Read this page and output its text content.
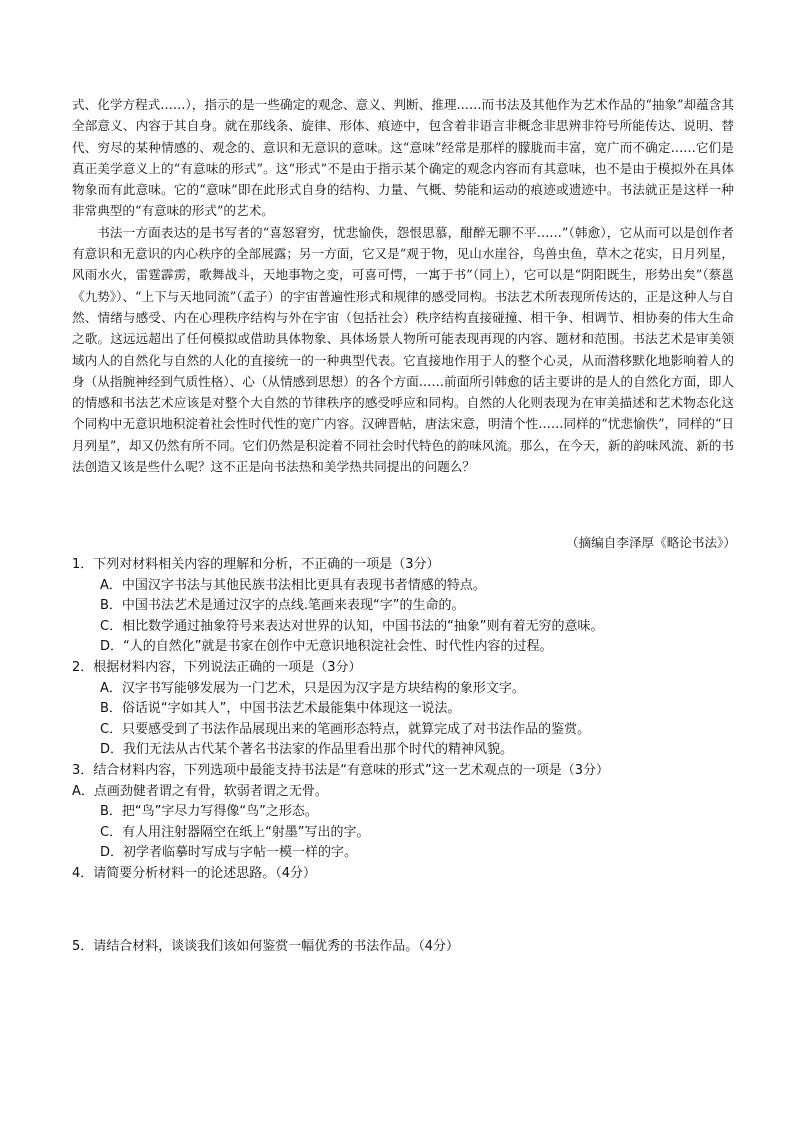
式、化学方程式……），指示的是一些确定的观念、意义、判断、推理……而书法及其他作为艺术作品的“抽象”却蕴含其全部意义、内容于其自身。就在那线条、旋律、形体、痕迹中，包含着非语言非概念非思辨非符号所能传达、说明、替代、穷尽的某种情感的、观念的、意识和无意识的意味。这“意味”经常是那样的朦胧而丰富，宽广而不确定……它们是真正美学意义上的“有意味的形式”。这“形式”不是由于指示某个确定的观念内容而有其意味，也不是由于模拟外在具体物象而有此意味。它的“意味”即在此形式自身的结构、力量、气概、势能和运动的痕迹或遗迹中。书法就正是这样一种非常典型的“有意味的形式”的艺术。

书法一方面表达的是书写者的“喜怒窘穷，忧悲愉佚，怨恨思慕，酣醉无聊不平……”（韩愈），它从而可以是创作者有意识和无意识的内心秩序的全部展露；另一方面，它又是“观于物，见山水崖谷，鸟兽虫鱼，草木之花实，日月列星，风雨水火，雷霆霹雳，歌舞战斗，天地事物之变，可喜可愕，一寓于书”（同上），它可以是“阴阳既生，形势出矣”（蔡邕《九势》）、“上下与天地同流”（孟子）的宇宙普遍性形式和规律的感受同构。书法艺术所表现所传达的，正是这种人与自然、情绪与感受、内在心理秩序结构与外在宇宙（包括社会）秩序结构直接碰撞、相干争、相调节、相协奏的伟大生命之歌。这远远超出了任何模拟或借助具体物象、具体场景人物所可能表现再现的内容、题材和范围。书法艺术是审美领域内人的自然化与自然的人化的直接统一的一种典型代表。它直接地作用于人的整个心灵，从而潜移默化地影响着人的身（从指腕神经到气质性格）、心（从情感到思想）的各个方面……前面所引韩愈的话主要讲的是人的自然化方面，即人的情感和书法艺术应该是对整个大自然的节律秩序的感受呼应和同构。自然的人化则表现为在审美描述和艺术物态化这个同构中无意识地积淀着社会性时代性的宽广内容。汉碑晋帖，唐法宋意，明清个性……同样的“忧悲愉佚”，同样的“日月列星”，却又仍然有所不同。它们仍然是积淀着不同社会时代特色的韵味风流。那么，在今天，新的韵味风流、新的书法创造又该是些什么呢？这不正是向书法热和美学热共同提出的问题么？

（摘编自李泽厚《略论书法》）

1．下列对材料相关内容的理解和分析，不正确的一项是（3分）

A．中国汉字书法与其他民族书法相比更具有表现书者情感的特点。

B．中国书法艺术是通过汉字的点线.笔画来表现“字”的生命的。

C．相比数学通过抽象符号来表达对世界的认知，中国书法的“抽象”则有着无穷的意味。

D．“人的自然化”就是书家在创作中无意识地积淀社会性、时代性内容的过程。

2．根据材料内容，下列说法正确的一项是（3分）

A．汉字书写能够发展为一门艺术，只是因为汉字是方块结构的象形文字。

B．俗话说“字如其人”，中国书法艺术最能集中体现这一说法。

C．只要感受到了书法作品展现出来的笔画形态特点，就算完成了对书法作品的鉴赏。

D．我们无法从古代某个著名书法家的作品里看出那个时代的精神风貌。

3．结合材料内容，下列选项中最能支持书法是“有意味的形式”这一艺术观点的一项是（3分）

A．点画劲健者谓之有骨，软弱者谓之无骨。

B．把“鸟”字尽力写得像“鸟”之形态。

C．有人用注射器隔空在纸上“射墨”写出的字。

D．初学者临摹时写成与字帖一模一样的字。

4．请简要分析材料一的论述思路。（4分）

5．请结合材料，谈谈我们该如何鉴赏一幅优秀的书法作品。（4分）
